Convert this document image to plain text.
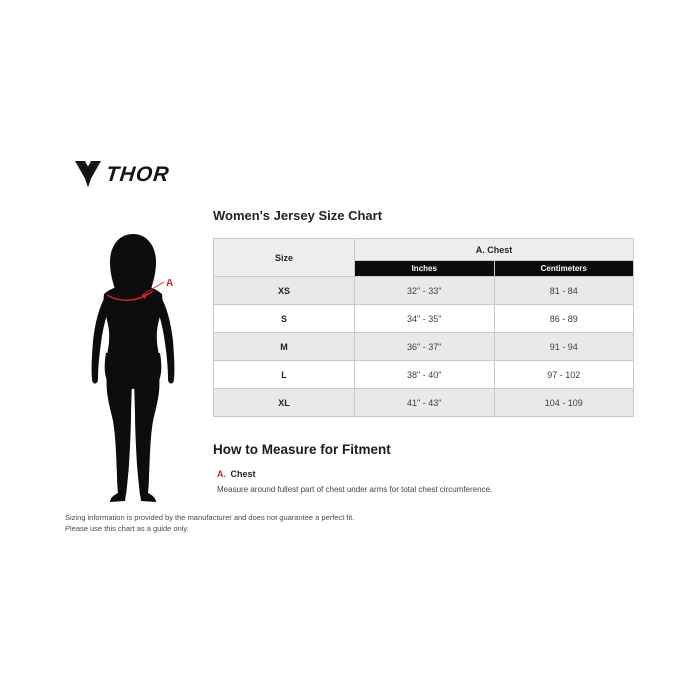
THOR
Women's Jersey Size Chart
A
Size	A. Chest	
	Inches	Centimeters
XS	32" - 33"	81 - 84
S	34" - 35"	86 - 89
M	36" - 37"	91 - 94
L	38" - 40"	97 - 102
XL	41" - 43"	104 - 109
How to Measure for Fitment
A. Chest
Measure around fullest part of chest under arms for total chest circumference.
Sizing information is provided by the manufacturer and does not guarantee a perfect fit.
Please use this chart as a guide only.
